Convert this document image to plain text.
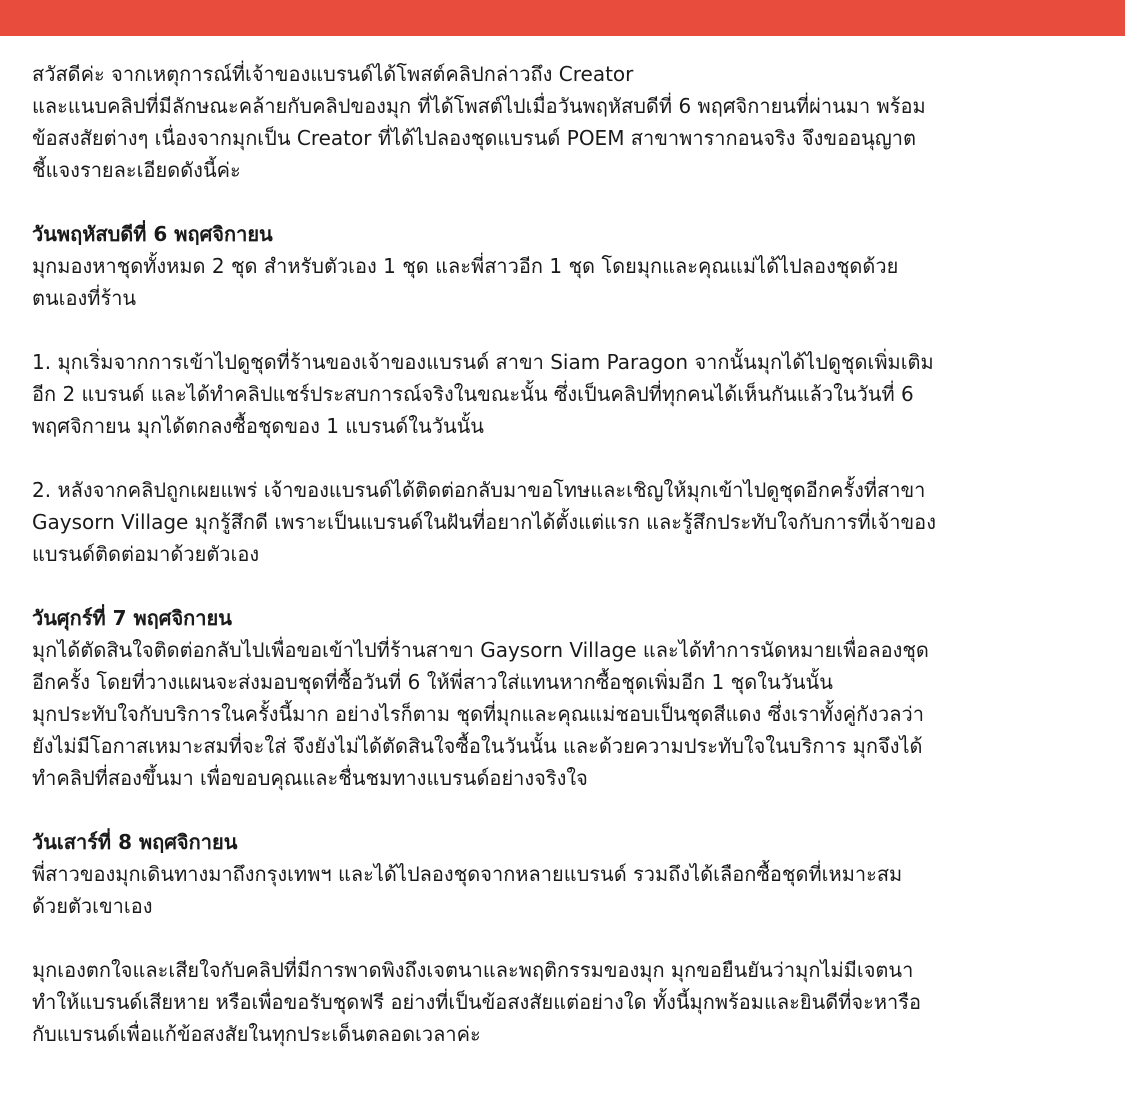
สวัสดีค่ะ จากเหตุการณ์ที่เจ้าของแบรนด์ได้โพสต์คลิปกล่าวถึง Creator
และแนบคลิปที่มีลักษณะคล้ายกับคลิปของมุก ที่ได้โพสต์ไปเมื่อวันพฤหัสบดีที่ 6 พฤศจิกายนที่ผ่านมา พร้อม
ข้อสงสัยต่างๆ เนื่องจากมุกเป็น Creator ที่ได้ไปลองชุดแบรนด์ POEM สาขาพารากอนจริง จึงขออนุญาต
ชี้แจงรายละเอียดดังนี้ค่ะ

วันพฤหัสบดีที่ 6 พฤศจิกายน

มุกมองหาชุดทั้งหมด 2 ชุด สำหรับตัวเอง 1 ชุด และพี่สาวอีก 1 ชุด โดยมุกและคุณแม่ได้ไปลองชุดด้วย
ตนเองที่ร้าน

1. มุกเริ่มจากการเข้าไปดูชุดที่ร้านของเจ้าของแบรนด์ สาขา Siam Paragon จากนั้นมุกได้ไปดูชุดเพิ่มเติม
อีก 2 แบรนด์ และได้ทำคลิปแชร์ประสบการณ์จริงในขณะนั้น ซึ่งเป็นคลิปที่ทุกคนได้เห็นกันแล้วในวันที่ 6
พฤศจิกายน มุกได้ตกลงซื้อชุดของ 1 แบรนด์ในวันนั้น

2. หลังจากคลิปถูกเผยแพร่ เจ้าของแบรนด์ได้ติดต่อกลับมาขอโทษและเชิญให้มุกเข้าไปดูชุดอีกครั้งที่สาขา
Gaysorn Village มุกรู้สึกดี เพราะเป็นแบรนด์ในฝันที่อยากได้ตั้งแต่แรก และรู้สึกประทับใจกับการที่เจ้าของ
แบรนด์ติดต่อมาด้วยตัวเอง

วันศุกร์ที่ 7 พฤศจิกายน

มุกได้ตัดสินใจติดต่อกลับไปเพื่อขอเข้าไปที่ร้านสาขา Gaysorn Village และได้ทำการนัดหมายเพื่อลองชุด
อีกครั้ง โดยที่วางแผนจะส่งมอบชุดที่ซื้อวันที่ 6 ให้พี่สาวใส่แทนหากซื้อชุดเพิ่มอีก 1 ชุดในวันนั้น
มุกประทับใจกับบริการในครั้งนี้มาก อย่างไรก็ตาม ชุดที่มุกและคุณแม่ชอบเป็นชุดสีแดง ซึ่งเราทั้งคู่กังวลว่า
ยังไม่มีโอกาสเหมาะสมที่จะใส่ จึงยังไม่ได้ตัดสินใจซื้อในวันนั้น และด้วยความประทับใจในบริการ มุกจึงได้
ทำคลิปที่สองขึ้นมา เพื่อขอบคุณและชื่นชมทางแบรนด์อย่างจริงใจ

วันเสาร์ที่ 8 พฤศจิกายน

พี่สาวของมุกเดินทางมาถึงกรุงเทพฯ และได้ไปลองชุดจากหลายแบรนด์ รวมถึงได้เลือกซื้อชุดที่เหมาะสม
ด้วยตัวเขาเอง

มุกเองตกใจและเสียใจกับคลิปที่มีการพาดพิงถึงเจตนาและพฤติกรรมของมุก มุกขอยืนยันว่ามุกไม่มีเจตนา
ทำให้แบรนด์เสียหาย หรือเพื่อขอรับชุดฟรี อย่างที่เป็นข้อสงสัยแต่อย่างใด ทั้งนี้มุกพร้อมและยินดีที่จะหารือ
กับแบรนด์เพื่อแก้ข้อสงสัยในทุกประเด็นตลอดเวลาค่ะ
